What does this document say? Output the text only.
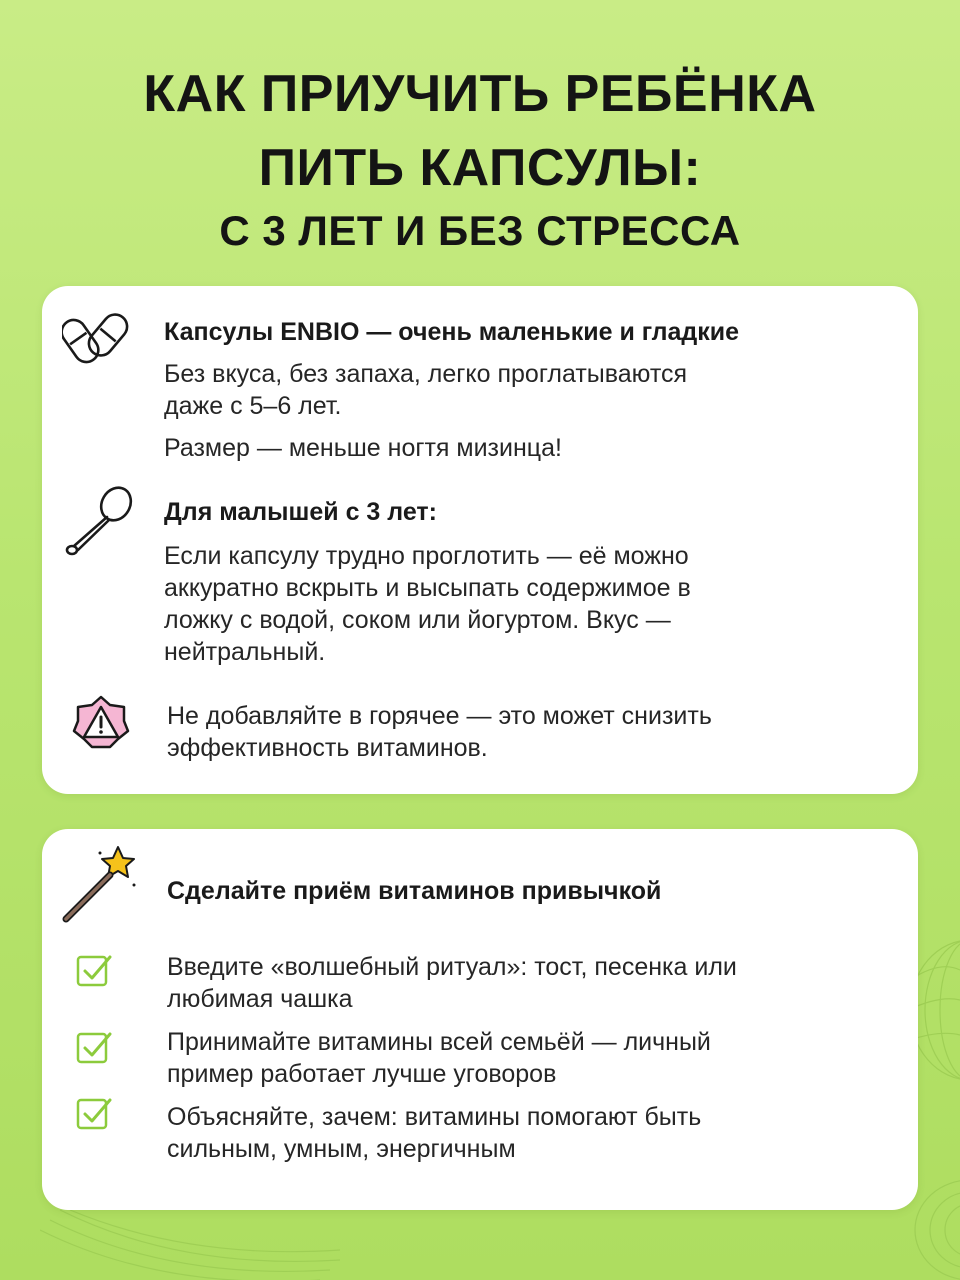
КАК ПРИУЧИТЬ РЕБЁНКА
ПИТЬ КАПСУЛЫ:
С 3 ЛЕТ И БЕЗ СТРЕССА

Капсулы ENBIO — очень маленькие и гладкие

Без вкуса, без запаха, легко проглатываются

даже с 5–6 лет.

Размер — меньше ногтя мизинца!

Для малышей с 3 лет:

Если капсулу трудно проглотить — её можно

аккуратно вскрыть и высыпать содержимое в

ложку с водой, соком или йогуртом. Вкус —

нейтральный.

Не добавляйте в горячее — это может снизить

эффективность витаминов.

Сделайте приём витаминов привычкой

Введите «волшебный ритуал»: тост, песенка или

любимая чашка

Принимайте витамины всей семьёй — личный

пример работает лучше уговоров

Объясняйте, зачем: витамины помогают быть

сильным, умным, энергичным
